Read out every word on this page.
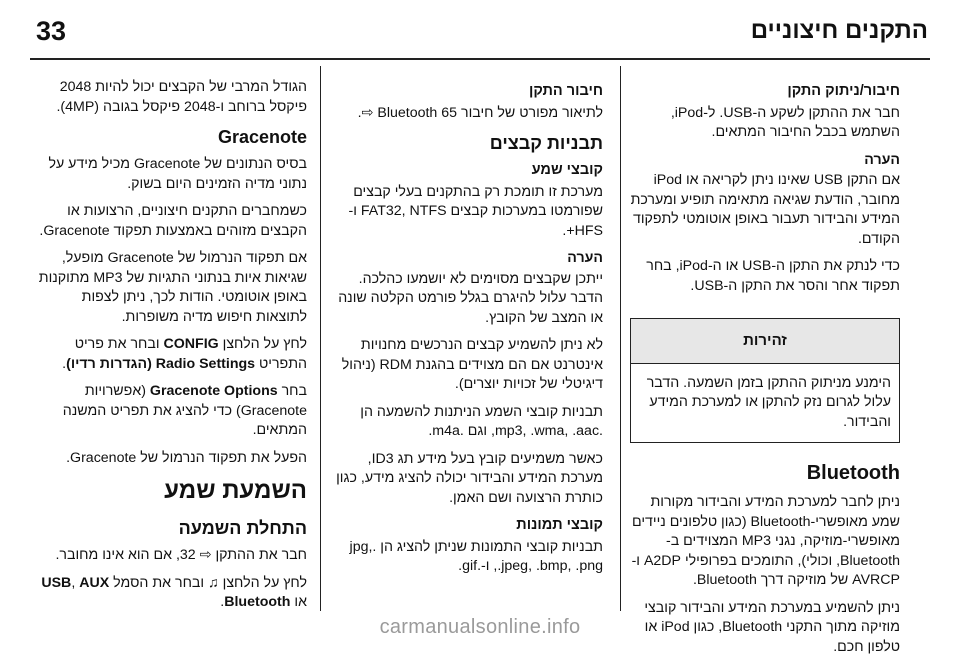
33	התקנים חיצוניים
חיבור/ניתוק התקן

חבר את ההתקן לשקע ה-USB. ל-iPod, השתמש בכבל החיבור המתאים.

הערה

אם התקן USB שאינו ניתן לקריאה או iPod מחובר, הודעת שגיאה מתאימה תופיע ומערכת המידע והבידור תעבור באופן אוטומטי לתפקוד הקודם.

כדי לנתק את התקן ה-USB או ה-iPod, בחר תפקוד אחר והסר את התקן ה-USB.

זהירות
הימנע מניתוק ההתקן בזמן השמעה. הדבר עלול לגרום נזק להתקן או למערכת המידע והבידור.
Bluetooth

ניתן לחבר למערכת המידע והבידור מקורות שמע מאופשרי-Bluetooth (כגון טלפונים ניידים מאופשרי-מוזיקה, נגני MP3 המצוידים ב-Bluetooth, וכולי), התומכים בפרופילי A2DP ו-AVRCP של מוזיקה דרך Bluetooth.

ניתן להשמיע במערכת המידע והבידור קובצי מוזיקה מתוך התקני Bluetooth, כגון iPod או טלפון חכם.

חיבור התקן

לתיאור מפורט של חיבור Bluetooth 65 ⇨.

תבניות קבצים
קובצי שמע

מערכת זו תומכת רק בהתקנים בעלי קבצים שפורמטו במערכות קבצים FAT32, NTFS ו-HFS+.

הערה

ייתכן שקבצים מסוימים לא יושמעו כהלכה. הדבר עלול להיגרם בגלל פורמט הקלטה שונה או המצב של הקובץ.

לא ניתן להשמיע קבצים הנרכשים מחנויות אינטרנט אם הם מצוידים בהגנת RDM (ניהול דיגיטלי של זכויות יוצרים).

תבניות קובצי השמע הניתנות להשמעה הן .mp3, .wma, .aac, וגם .m4a.

כאשר משמיעים קובץ בעל מידע תג ID3, מערכת המידע והבידור יכולה להציג מידע, כגון כותרת הרצועה ושם האמן.

קובצי תמונות

תבניות קובצי התמונות שניתן להציג הן .jpg, .jpeg, .bmp, .png, ו-.gif.

הגודל המרבי של הקבצים יכול להיות 2048 פיקסל ברוחב ו-2048 פיקסל בגובה (4MP).

Gracenote

בסיס הנתונים של Gracenote מכיל מידע על נתוני מדיה הזמינים היום בשוק.

כשמחברים התקנים חיצוניים, הרצועות או הקבצים מזוהים באמצעות תפקוד Gracenote.

אם תפקוד הנרמול של Gracenote מופעל, שגיאות איות בנתוני התגיות של MP3 מתוקנות באופן אוטומטי. הודות לכך, ניתן לצפות לתוצאות חיפוש מדיה משופרות.

לחץ על הלחצן CONFIG ובחר את פריט התפריט Radio Settings (הגדרות רדיו).

בחר Gracenote Options (אפשרויות Gracenote) כדי להציג את תפריט המשנה המתאים.

הפעל את תפקוד הנרמול של Gracenote.

השמעת שמע
התחלת השמעה

חבר את ההתקן ⇨ 32, אם הוא אינו מחובר.

לחץ על הלחצן ♫ ובחר את הסמל USB, AUX או Bluetooth.

carmanualsonline.info
